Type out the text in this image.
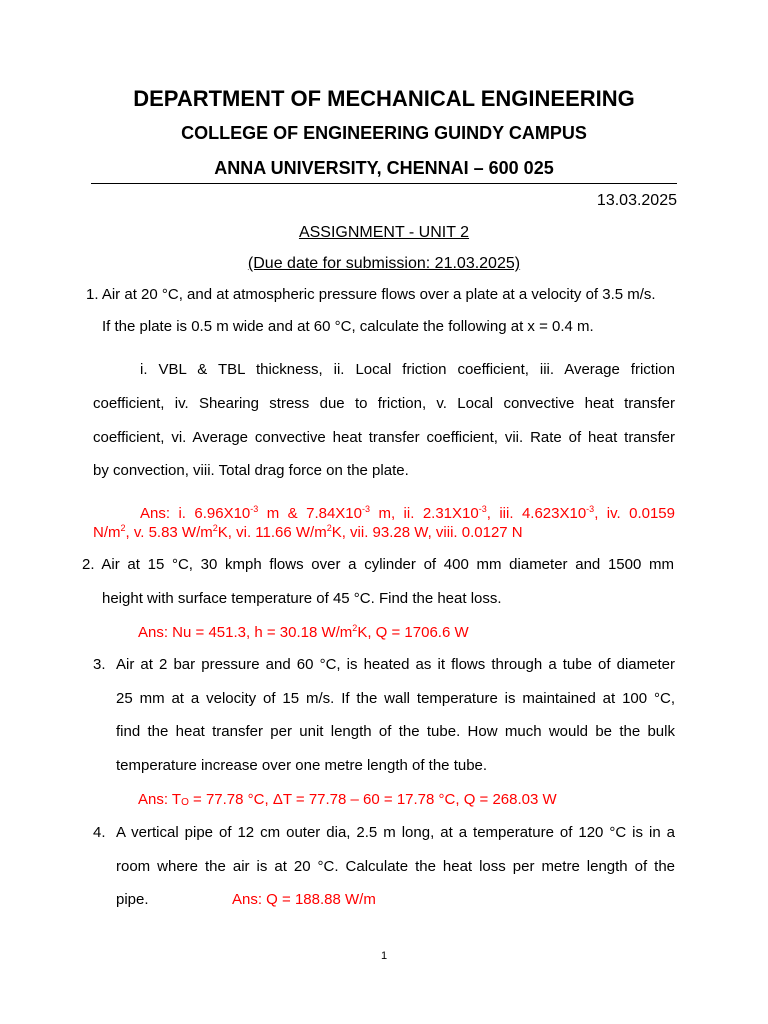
DEPARTMENT OF MECHANICAL ENGINEERING
COLLEGE OF ENGINEERING GUINDY CAMPUS
ANNA UNIVERSITY, CHENNAI – 600 025
13.03.2025
ASSIGNMENT - UNIT 2
(Due date for submission: 21.03.2025)
1. Air at 20 °C, and at atmospheric pressure flows over a plate at a velocity of 3.5 m/s.
If the plate is 0.5 m wide and at 60 °C, calculate the following at x = 0.4 m.
i. VBL & TBL thickness, ii. Local friction coefficient, iii. Average friction
coefficient, iv. Shearing stress due to friction, v. Local convective heat transfer
coefficient, vi. Average convective heat transfer coefficient, vii. Rate of heat transfer
by convection, viii. Total drag force on the plate.
Ans: i. $6.96X10^{-3}$ m & $7.84X10^{-3}$ m, ii. $2.31X10^{-3}$, iii. $4.623X10^{-3}$, iv. 0.0159
$N/m^2$, v. 5.83 $W/m^2K$, vi. 11.66 $W/m^2K$, vii. 93.28 W, viii. 0.0127 N
2. Air at 15 °C, 30 kmph flows over a cylinder of 400 mm diameter and 1500 mm
height with surface temperature of 45 °C. Find the heat loss.
Ans: Nu = 451.3, h = 30.18 $W/m^2K$, Q = 1706.6 W
3. Air at 2 bar pressure and 60 °C, is heated as it flows through a tube of diameter
25 mm at a velocity of 15 m/s. If the wall temperature is maintained at 100 °C,
find the heat transfer per unit length of the tube. How much would be the bulk
temperature increase over one metre length of the tube.
Ans: $T_O = 77.78$ °C, ΔT = 77.78 – 60 = 17.78 °C, Q = 268.03 W
4. A vertical pipe of 12 cm outer dia, 2.5 m long, at a temperature of 120 °C is in a
room where the air is at 20 °C. Calculate the heat loss per metre length of the
pipe.	Ans: Q = 188.88 W/m
1
